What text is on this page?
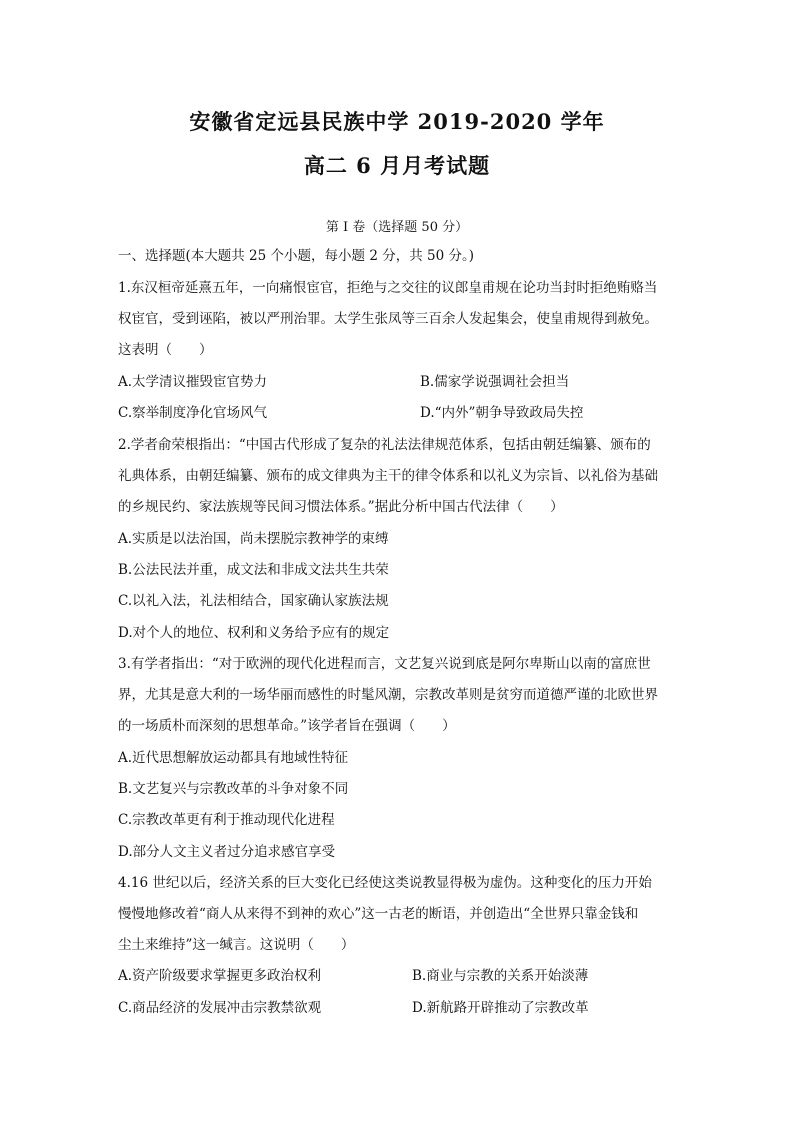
安徽省定远县民族中学 2019-2020 学年
高二 6 月月考试题
第 I 卷（选择题 50 分）
一、选择题(本大题共 25 个小题，每小题 2 分，共 50 分。)
1.东汉桓帝延熹五年，一向痛恨宦官，拒绝与之交往的议郎皇甫规在论功当封时拒绝贿赂当
权宦官，受到诬陷，被以严刑治罪。太学生张凤等三百余人发起集会，使皇甫规得到赦免。
这表明（　　）
A.太学清议摧毁宦官势力	B.儒家学说强调社会担当
C.察举制度净化官场风气	D.“内外”朝争导致政局失控
2.学者俞荣根指出：“中国古代形成了复杂的礼法法律规范体系，包括由朝廷编纂、颁布的
礼典体系，由朝廷编纂、颁布的成文律典为主干的律令体系和以礼义为宗旨、以礼俗为基础
的乡规民约、家法族规等民间习惯法体系。”据此分析中国古代法律（　　）
A.实质是以法治国，尚未摆脱宗教神学的束缚
B.公法民法并重，成文法和非成文法共生共荣
C.以礼入法，礼法相结合，国家确认家族法规
D.对个人的地位、权利和义务给予应有的规定
3.有学者指出：“对于欧洲的现代化进程而言，文艺复兴说到底是阿尔卑斯山以南的富庶世
界，尤其是意大利的一场华丽而感性的时髦风潮，宗教改革则是贫穷而道德严谨的北欧世界
的一场质朴而深刻的思想革命。”该学者旨在强调（　　）
A.近代思想解放运动都具有地域性特征
B.文艺复兴与宗教改革的斗争对象不同
C.宗教改革更有利于推动现代化进程
D.部分人文主义者过分追求感官享受
4.16 世纪以后，经济关系的巨大变化已经使这类说教显得极为虚伪。这种变化的压力开始
慢慢地修改着“商人从来得不到神的欢心”这一古老的断语，并创造出“全世界只靠金钱和
尘土来维持”这一缄言。这说明（　　）
A.资产阶级要求掌握更多政治权利	B.商业与宗教的关系开始淡薄
C.商品经济的发展冲击宗教禁欲观	D.新航路开辟推动了宗教改革
